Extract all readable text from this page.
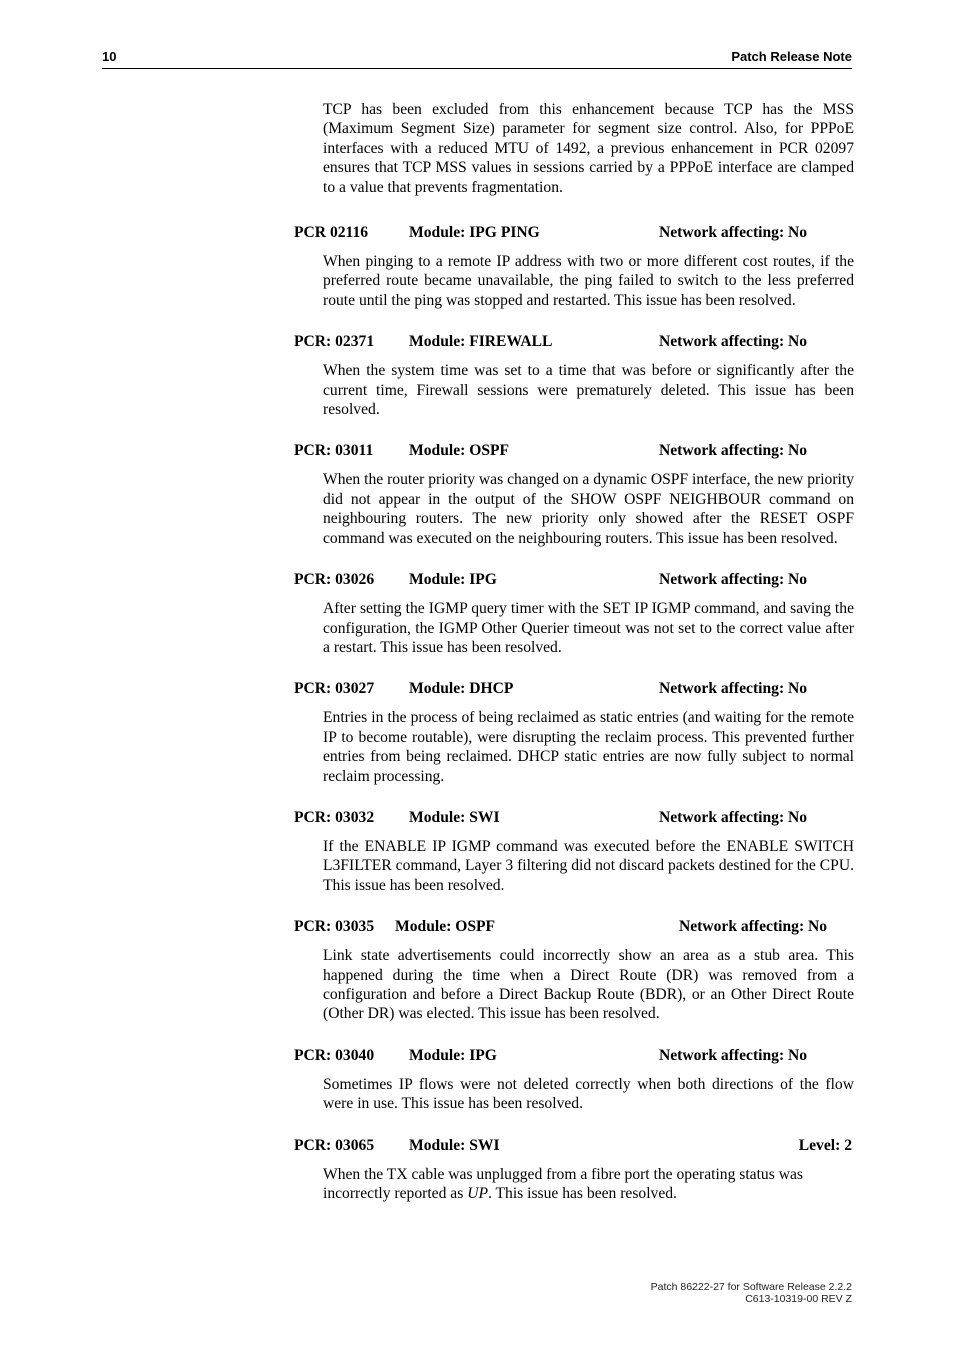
10	Patch Release Note

TCP has been excluded from this enhancement because TCP has the MSS (Maximum Segment Size) parameter for segment size control. Also, for PPPoE interfaces with a reduced MTU of 1492, a previous enhancement in PCR 02097 ensures that TCP MSS values in sessions carried by a PPPoE interface are clamped to a value that prevents fragmentation.

PCR 02116	Module: IPG PING	Network affecting: No

When pinging to a remote IP address with two or more different cost routes, if the preferred route became unavailable, the ping failed to switch to the less preferred route until the ping was stopped and restarted. This issue has been resolved.

PCR: 02371 Module: FIREWALL	Network affecting: No

When the system time was set to a time that was before or significantly after the current time, Firewall sessions were prematurely deleted. This issue has been resolved.

PCR: 03011 Module: OSPF	Network affecting: No

When the router priority was changed on a dynamic OSPF interface, the new priority did not appear in the output of the SHOW OSPF NEIGHBOUR command on neighbouring routers. The new priority only showed after the RESET OSPF command was executed on the neighbouring routers. This issue has been resolved.

PCR: 03026 Module: IPG	Network affecting: No

After setting the IGMP query timer with the SET IP IGMP command, and saving the configuration, the IGMP Other Querier timeout was not set to the correct value after a restart. This issue has been resolved.

PCR: 03027 Module: DHCP	Network affecting: No

Entries in the process of being reclaimed as static entries (and waiting for the remote IP to become routable), were disrupting the reclaim process. This prevented further entries from being reclaimed. DHCP static entries are now fully subject to normal reclaim processing.

PCR: 03032 Module: SWI	Network affecting: No

If the ENABLE IP IGMP command was executed before the ENABLE SWITCH L3FILTER command, Layer 3 filtering did not discard packets destined for the CPU. This issue has been resolved.

PCR: 03035 Module: OSPF	Network affecting: No

Link state advertisements could incorrectly show an area as a stub area. This happened during the time when a Direct Route (DR) was removed from a configuration and before a Direct Backup Route (BDR), or an Other Direct Route (Other DR) was elected. This issue has been resolved.

PCR: 03040 Module: IPG	Network affecting: No

Sometimes IP flows were not deleted correctly when both directions of the flow were in use. This issue has been resolved.

PCR: 03065 Module: SWI	Level: 2

When the TX cable was unplugged from a fibre port the operating status was incorrectly reported as UP. This issue has been resolved.

Patch 86222-27 for Software Release 2.2.2
C613-10319-00 REV Z
